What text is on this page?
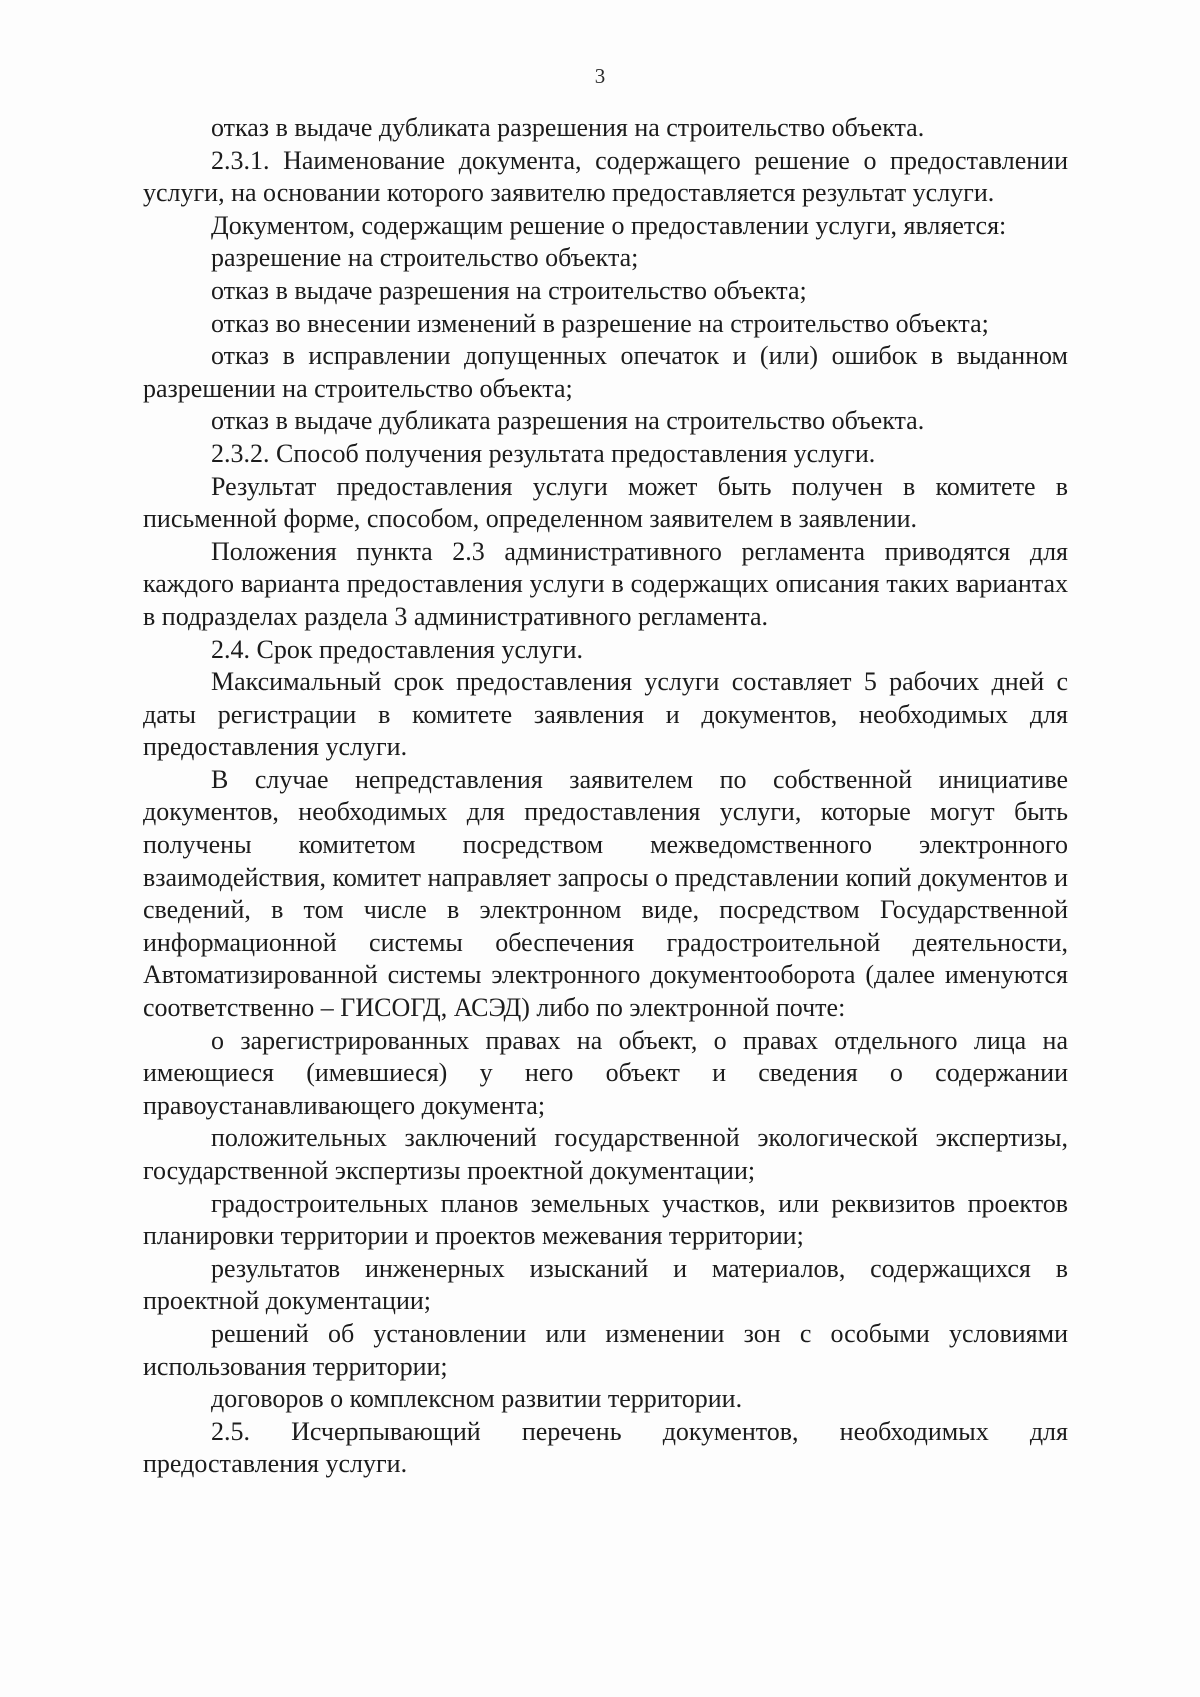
3

отказ в выдаче дубликата разрешения на строительство объекта.

2.3.1. Наименование документа, содержащего решение о предоставлении услуги, на основании которого заявителю предоставляется результат услуги.

Документом, содержащим решение о предоставлении услуги, является:

разрешение на строительство объекта;

отказ в выдаче разрешения на строительство объекта;

отказ во внесении изменений в разрешение на строительство объекта;

отказ в исправлении допущенных опечаток и (или) ошибок в выданном разрешении на строительство объекта;

отказ в выдаче дубликата разрешения на строительство объекта.

2.3.2. Способ получения результата предоставления услуги.

Результат предоставления услуги может быть получен в комитете в письменной форме, способом, определенном заявителем в заявлении.

Положения пункта 2.3 административного регламента приводятся для каждого варианта предоставления услуги в содержащих описания таких вариантах в подразделах раздела 3 административного регламента.

2.4. Срок предоставления услуги.

Максимальный срок предоставления услуги составляет 5 рабочих дней с даты регистрации в комитете заявления и документов, необходимых для предоставления услуги.

В случае непредставления заявителем по собственной инициативе документов, необходимых для предоставления услуги, которые могут быть получены комитетом посредством межведомственного электронного взаимодействия, комитет направляет запросы о представлении копий документов и сведений, в том числе в электронном виде, посредством Государственной информационной системы обеспечения градостроительной деятельности, Автоматизированной системы электронного документооборота (далее именуются соответственно – ГИСОГД, АСЭД) либо по электронной почте:

о зарегистрированных правах на объект, о правах отдельного лица на имеющиеся (имевшиеся) у него объект и сведения о содержании правоустанавливающего документа;

положительных заключений государственной экологической экспертизы, государственной экспертизы проектной документации;

градостроительных планов земельных участков, или реквизитов проектов планировки территории и проектов межевания территории;

результатов инженерных изысканий и материалов, содержащихся в проектной документации;

решений об установлении или изменении зон с особыми условиями использования территории;

договоров о комплексном развитии территории.

2.5. Исчерпывающий перечень документов, необходимых для предоставления услуги.
